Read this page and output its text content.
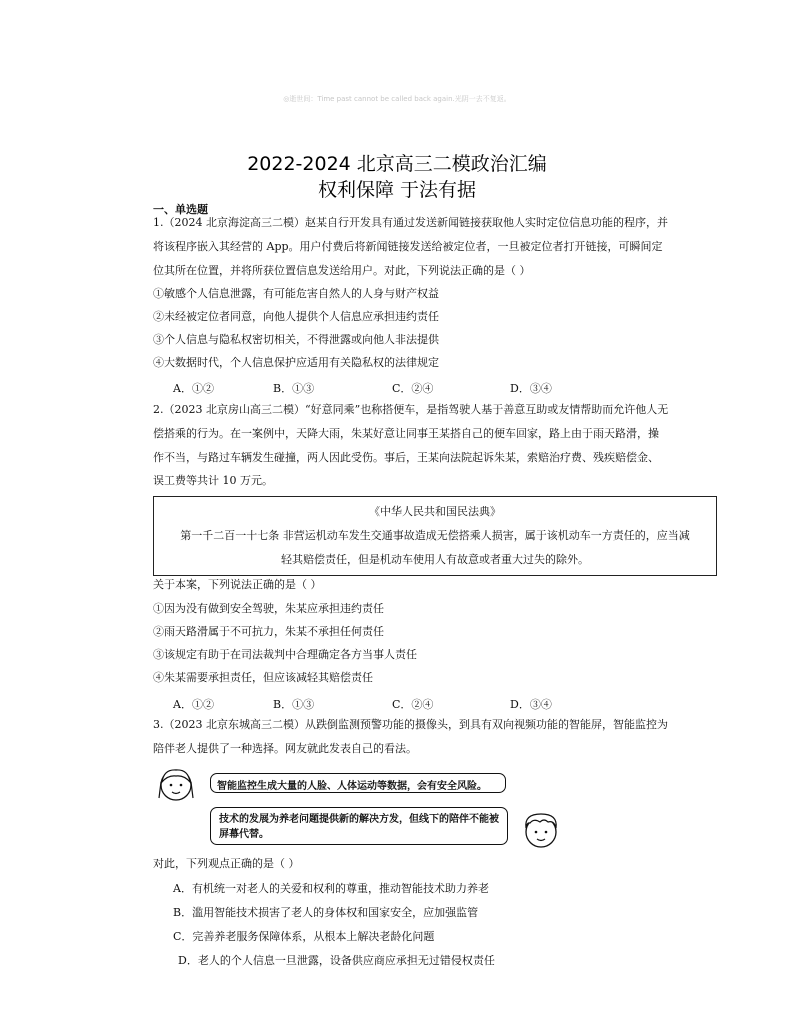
◎逝世间：Time past cannot be called back again.光阴一去不复返。
2022-2024 北京高三二模政治汇编
权利保障 于法有据
一、单选题
1.（2024 北京海淀高三二模）赵某自行开发具有通过发送新闻链接获取他人实时定位信息功能的程序，并
将该程序嵌入其经营的 App。用户付费后将新闻链接发送给被定位者，一旦被定位者打开链接，可瞬间定
位其所在位置，并将所获位置信息发送给用户。对此，下列说法正确的是（ ）
①敏感个人信息泄露，有可能危害自然人的人身与财产权益
②未经被定位者同意，向他人提供个人信息应承担违约责任
③个人信息与隐私权密切相关，不得泄露或向他人非法提供
④大数据时代，个人信息保护应适用有关隐私权的法律规定
A．①②	B．①③	C．②④	D．③④
2.（2023 北京房山高三二模）“好意同乘”也称搭便车，是指驾驶人基于善意互助或友情帮助而允许他人无
偿搭乘的行为。在一案例中，天降大雨，朱某好意让同事王某搭自己的便车回家，路上由于雨天路滑，操
作不当，与路过车辆发生碰撞，两人因此受伤。事后，王某向法院起诉朱某，索赔治疗费、残疾赔偿金、
误工费等共计 10 万元。
《中华人民共和国民法典》
第一千二百一十七条 非营运机动车发生交通事故造成无偿搭乘人损害，属于该机动车一方责任的，应当减
轻其赔偿责任，但是机动车使用人有故意或者重大过失的除外。
关于本案，下列说法正确的是（ ）
①因为没有做到安全驾驶，朱某应承担违约责任
②雨天路滑属于不可抗力，朱某不承担任何责任
③该规定有助于在司法裁判中合理确定各方当事人责任
④朱某需要承担责任，但应该减轻其赔偿责任
A．①②	B．①③	C．②④	D．③④
3.（2023 北京东城高三二模）从跌倒监测预警功能的摄像头，到具有双向视频功能的智能屏，智能监控为
陪伴老人提供了一种选择。网友就此发表自己的看法。
智能监控生成大量的人脸、人体运动等数据，会有安全风险。
技术的发展为养老问题提供新的解决方发，但线下的陪伴不能被屏幕代替。
对此，下列观点正确的是（ ）
A．有机统一对老人的关爱和权利的尊重，推动智能技术助力养老
B．滥用智能技术损害了老人的身体权和国家安全，应加强监管
C．完善养老服务保障体系，从根本上解决老龄化问题
D．老人的个人信息一旦泄露，设备供应商应承担无过错侵权责任
